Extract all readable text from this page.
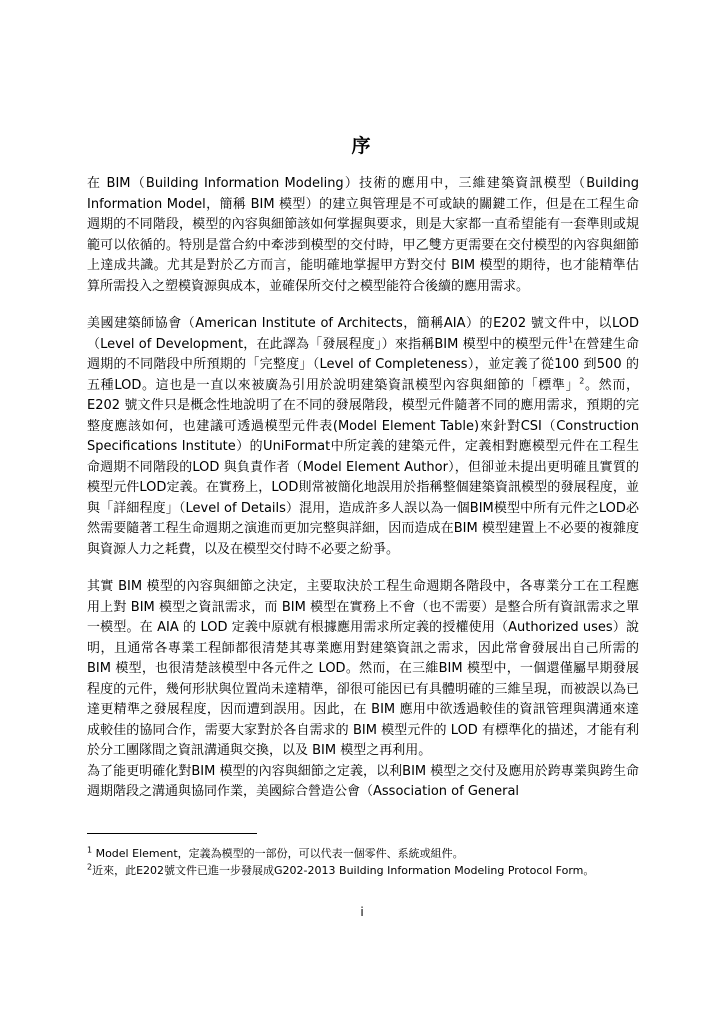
序

在 BIM（Building Information Modeling）技術的應用中，三維建築資訊模型（Building Information Model，簡稱 BIM 模型）的建立與管理是不可或缺的關鍵工作，但是在工程生命週期的不同階段，模型的內容與細節該如何掌握與要求，則是大家都一直希望能有一套準則或規範可以依循的。特別是當合約中牽涉到模型的交付時，甲乙雙方更需要在交付模型的內容與細節上達成共識。尤其是對於乙方而言，能明確地掌握甲方對交付 BIM 模型的期待，也才能精準估算所需投入之塑模資源與成本，並確保所交付之模型能符合後續的應用需求。

美國建築師協會（American Institute of Architects，簡稱AIA）的E202 號文件中，以LOD（Level of Development，在此譯為「發展程度」）來指稱BIM 模型中的模型元件$^1$在營建生命週期的不同階段中所預期的「完整度」（Level of Completeness），並定義了從100 到500 的五種LOD。這也是一直以來被廣為引用於說明建築資訊模型內容與細節的「標準」$^2$。然而，E202 號文件只是概念性地說明了在不同的發展階段，模型元件隨著不同的應用需求，預期的完整度應該如何，也建議可透過模型元件表(Model Element Table)來針對CSI（Construction Specifications Institute）的UniFormat中所定義的建築元件，定義相對應模型元件在工程生命週期不同階段的LOD 與負責作者（Model Element Author），但卻並未提出更明確且實質的模型元件LOD定義。在實務上，LOD則常被簡化地誤用於指稱整個建築資訊模型的發展程度，並與「詳細程度」（Level of Details）混用，造成許多人誤以為一個BIM模型中所有元件之LOD必然需要隨著工程生命週期之演進而更加完整與詳細，因而造成在BIM 模型建置上不必要的複雜度與資源人力之耗費，以及在模型交付時不必要之紛爭。

其實 BIM 模型的內容與細節之決定，主要取決於工程生命週期各階段中，各專業分工在工程應用上對 BIM 模型之資訊需求，而 BIM 模型在實務上不會（也不需要）是整合所有資訊需求之單一模型。在 AIA 的 LOD 定義中原就有根據應用需求所定義的授權使用（Authorized uses）說明，且通常各專業工程師都很清楚其專業應用對建築資訊之需求，因此常會發展出自己所需的 BIM 模型，也很清楚該模型中各元件之 LOD。然而，在三維BIM 模型中，一個還僅屬早期發展程度的元件，幾何形狀與位置尚未達精準，卻很可能因已有具體明確的三維呈現，而被誤以為已達更精準之發展程度，因而遭到誤用。因此，在 BIM 應用中欲透過較佳的資訊管理與溝通來達成較佳的協同合作，需要大家對於各自需求的 BIM 模型元件的 LOD 有標準化的描述，才能有利於分工團隊間之資訊溝通與交換，以及 BIM 模型之再利用。

為了能更明確化對BIM 模型的內容與細節之定義，以利BIM 模型之交付及應用於跨專業與跨生命週期階段之溝通與協同作業，美國綜合營造公會（Association of General

$^1$ Model Element，定義為模型的一部份，可以代表一個零件、系統或組件。
$^2$近來，此E202號文件已進一步發展成G202-2013 Building Information Modeling Protocol Form。
i
